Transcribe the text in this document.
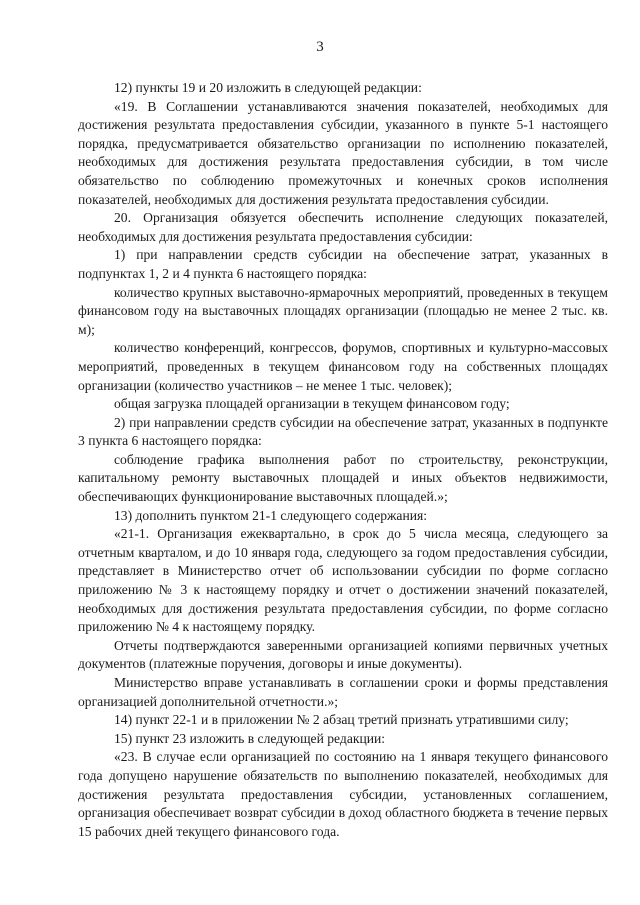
3

12) пункты 19 и 20 изложить в следующей редакции:

«19. В Соглашении устанавливаются значения показателей, необходимых для достижения результата предоставления субсидии, указанного в пункте 5-1 настоящего порядка, предусматривается обязательство организации по исполнению показателей, необходимых для достижения результата предоставления субсидии, в том числе обязательство по соблюдению промежуточных и конечных сроков исполнения показателей, необходимых для достижения результата предоставления субсидии.

20. Организация обязуется обеспечить исполнение следующих показателей, необходимых для достижения результата предоставления субсидии:

1) при направлении средств субсидии на обеспечение затрат, указанных в подпунктах 1, 2 и 4 пункта 6 настоящего порядка:

количество крупных выставочно-ярмарочных мероприятий, проведенных в текущем финансовом году на выставочных площадях организации (площадью не менее 2 тыс. кв. м);

количество конференций, конгрессов, форумов, спортивных и культурно-массовых мероприятий, проведенных в текущем финансовом году на собственных площадях организации (количество участников – не менее 1 тыс. человек);

общая загрузка площадей организации в текущем финансовом году;

2) при направлении средств субсидии на обеспечение затрат, указанных в подпункте 3 пункта 6 настоящего порядка:

соблюдение графика выполнения работ по строительству, реконструкции, капитальному ремонту выставочных площадей и иных объектов недвижимости, обеспечивающих функционирование выставочных площадей.»;

13) дополнить пунктом 21-1 следующего содержания:

«21-1. Организация ежеквартально, в срок до 5 числа месяца, следующего за отчетным кварталом, и до 10 января года, следующего за годом предоставления субсидии, представляет в Министерство отчет об использовании субсидии по форме согласно приложению № 3 к настоящему порядку и отчет о достижении значений показателей, необходимых для достижения результата предоставления субсидии, по форме согласно приложению № 4 к настоящему порядку.

Отчеты подтверждаются заверенными организацией копиями первичных учетных документов (платежные поручения, договоры и иные документы).

Министерство вправе устанавливать в соглашении сроки и формы представления организацией дополнительной отчетности.»;

14) пункт 22-1 и в приложении № 2 абзац третий признать утратившими силу;

15) пункт 23 изложить в следующей редакции:

«23. В случае если организацией по состоянию на 1 января текущего финансового года допущено нарушение обязательств по выполнению показателей, необходимых для достижения результата предоставления субсидии, установленных соглашением, организация обеспечивает возврат субсидии в доход областного бюджета в течение первых 15 рабочих дней текущего финансового года.
